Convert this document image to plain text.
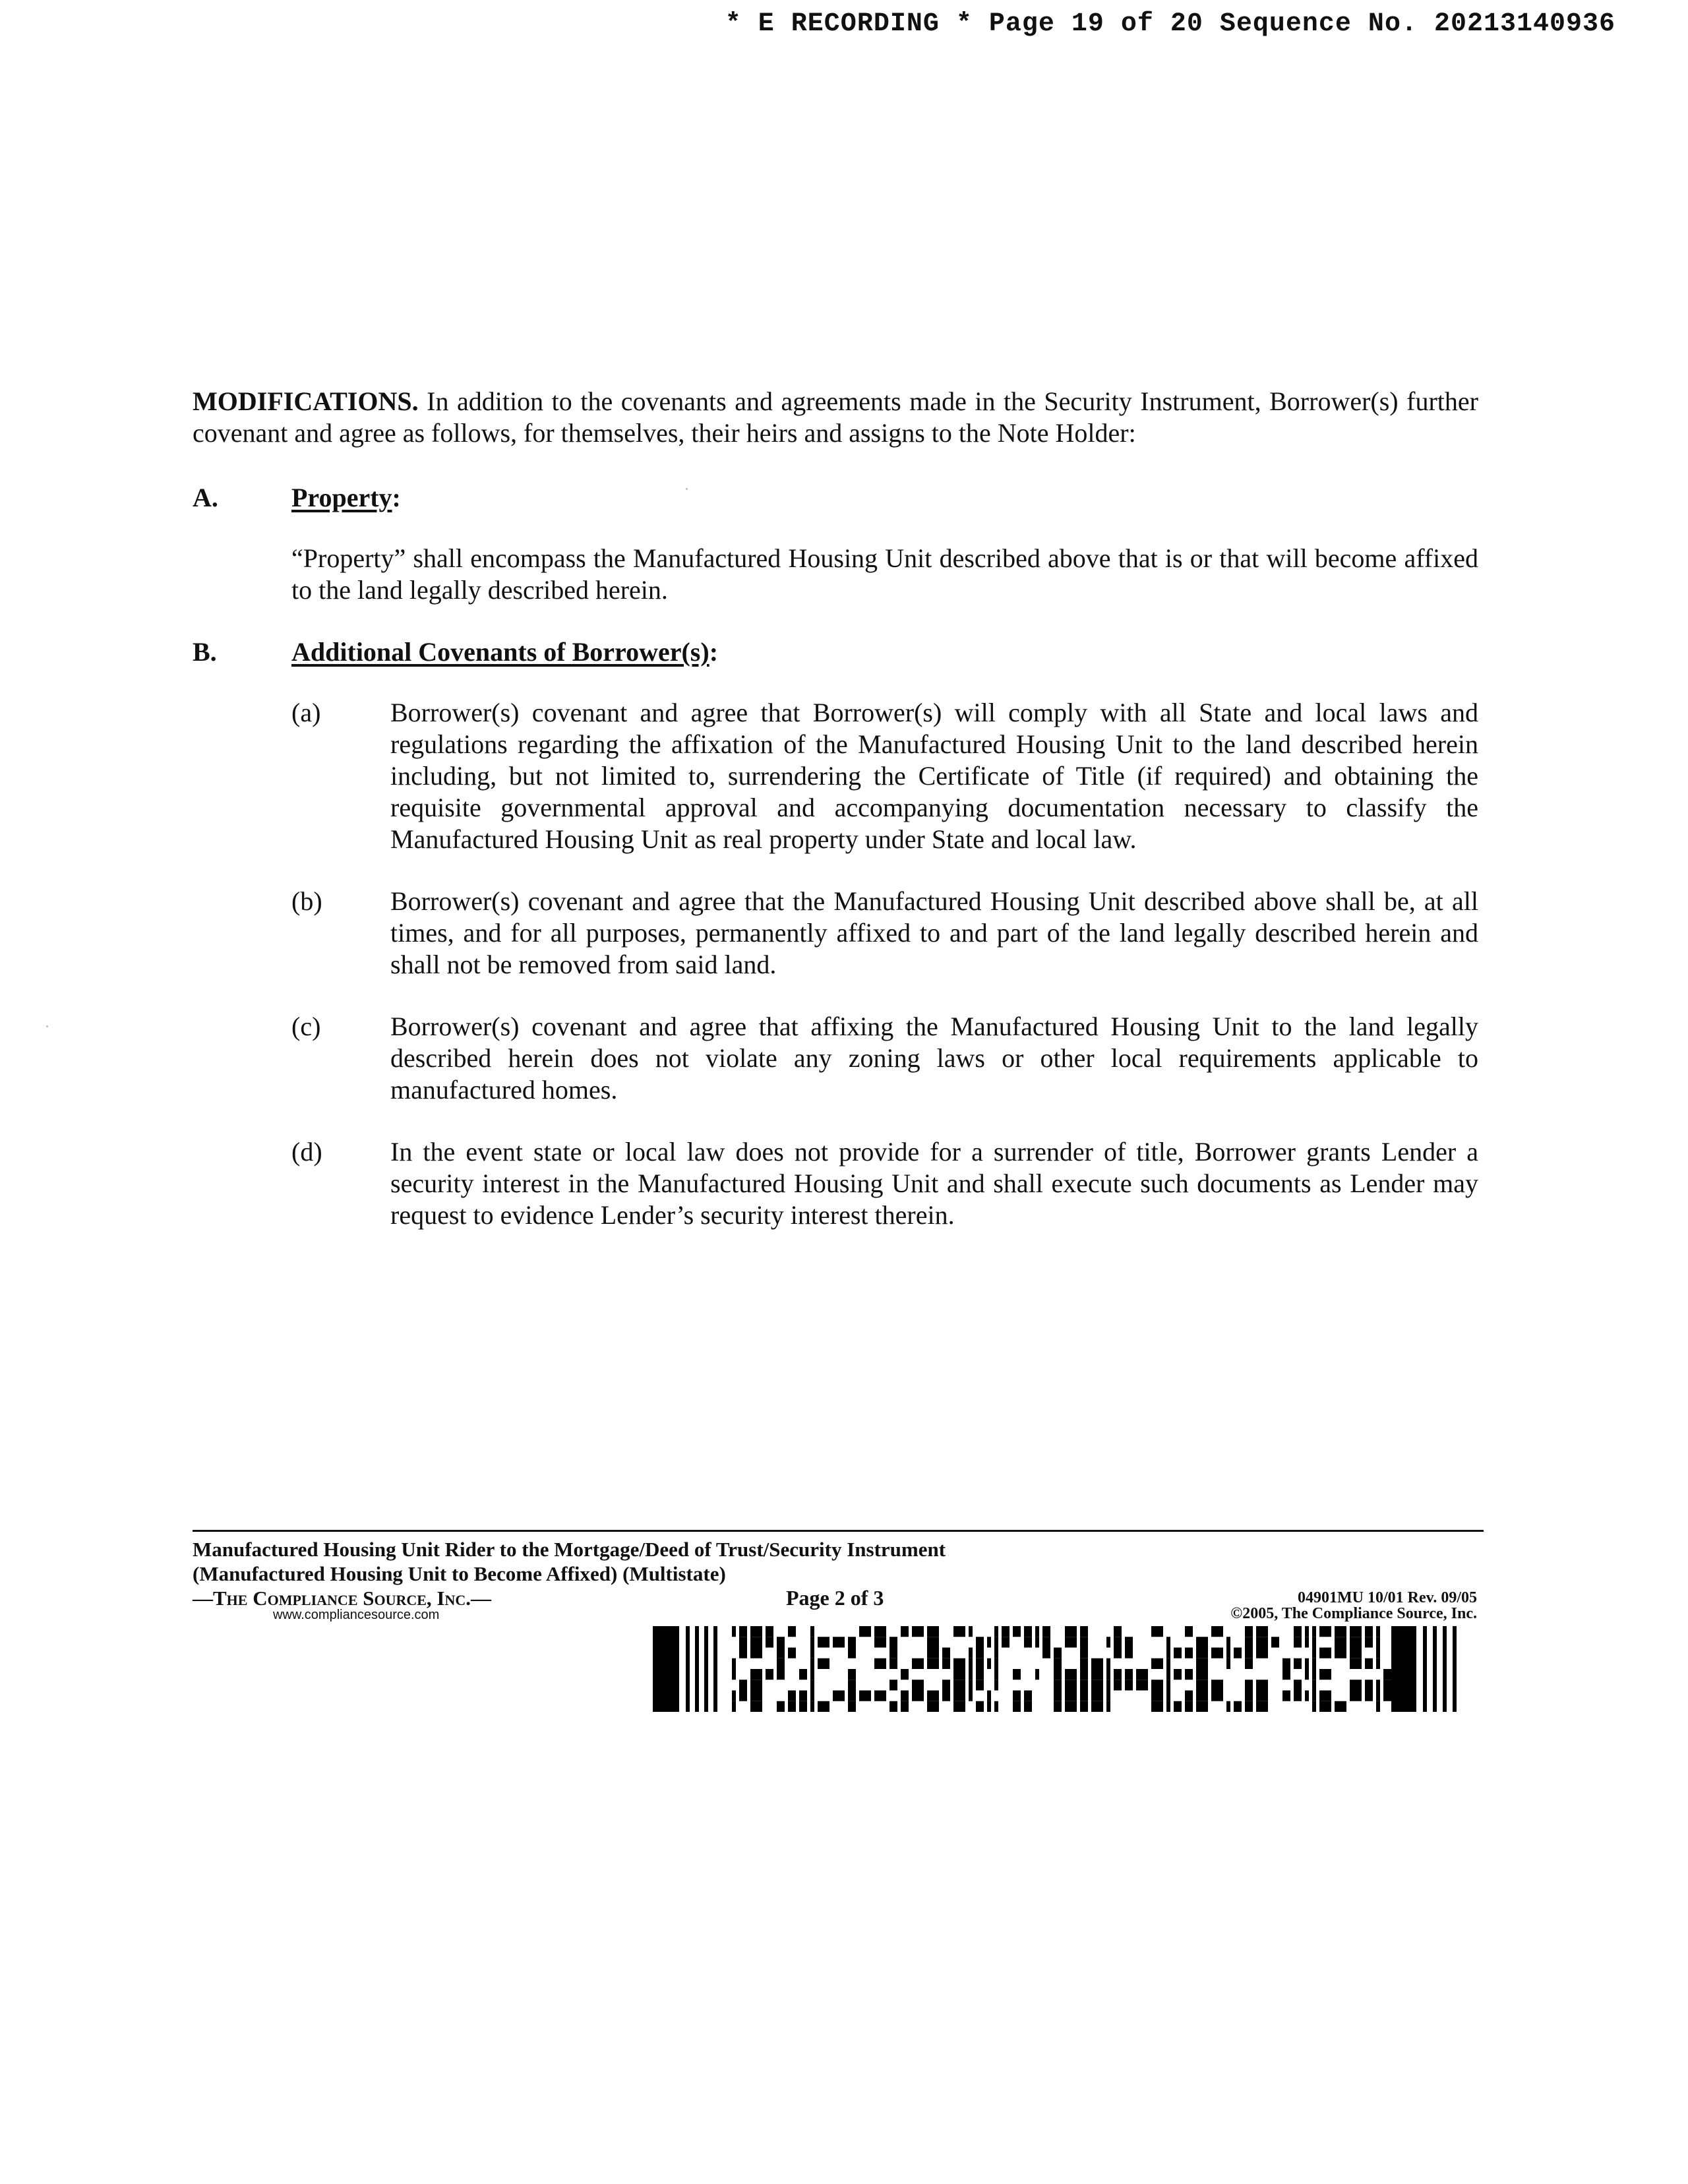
* E RECORDING * Page 19 of 20 Sequence No. 20213140936

MODIFICATIONS. In addition to the covenants and agreements made in the Security Instrument, Borrower(s) further covenant and agree as follows, for themselves, their heirs and assigns to the Note Holder:

A.	Property:
“Property” shall encompass the Manufactured Housing Unit described above that is or that will become affixed to the land legally described herein.
B.	Additional Covenants of Borrower(s):
(a)	Borrower(s) covenant and agree that Borrower(s) will comply with all State and local laws and regulations regarding the affixation of the Manufactured Housing Unit to the land described herein including, but not limited to, surrendering the Certificate of Title (if required) and obtaining the requisite governmental approval and accompanying documentation necessary to classify the Manufactured Housing Unit as real property under State and local law.
(b)	Borrower(s) covenant and agree that the Manufactured Housing Unit described above shall be, at all times, and for all purposes, permanently affixed to and part of the land legally described herein and shall not be removed from said land.
(c)	Borrower(s) covenant and agree that affixing the Manufactured Housing Unit to the land legally described herein does not violate any zoning laws or other local requirements applicable to manufactured homes.
(d)	In the event state or local law does not provide for a surrender of title, Borrower grants Lender a security interest in the Manufactured Housing Unit and shall execute such documents as Lender may request to evidence Lender’s security interest therein.
Manufactured Housing Unit Rider to the Mortgage/Deed of Trust/Security Instrument
(Manufactured Housing Unit to Become Affixed) (Multistate)
—The Compliance Source, Inc.—	Page 2 of 3	04901MU 10/01 Rev. 09/05
www.compliancesource.com	©2005, The Compliance Source, Inc.
